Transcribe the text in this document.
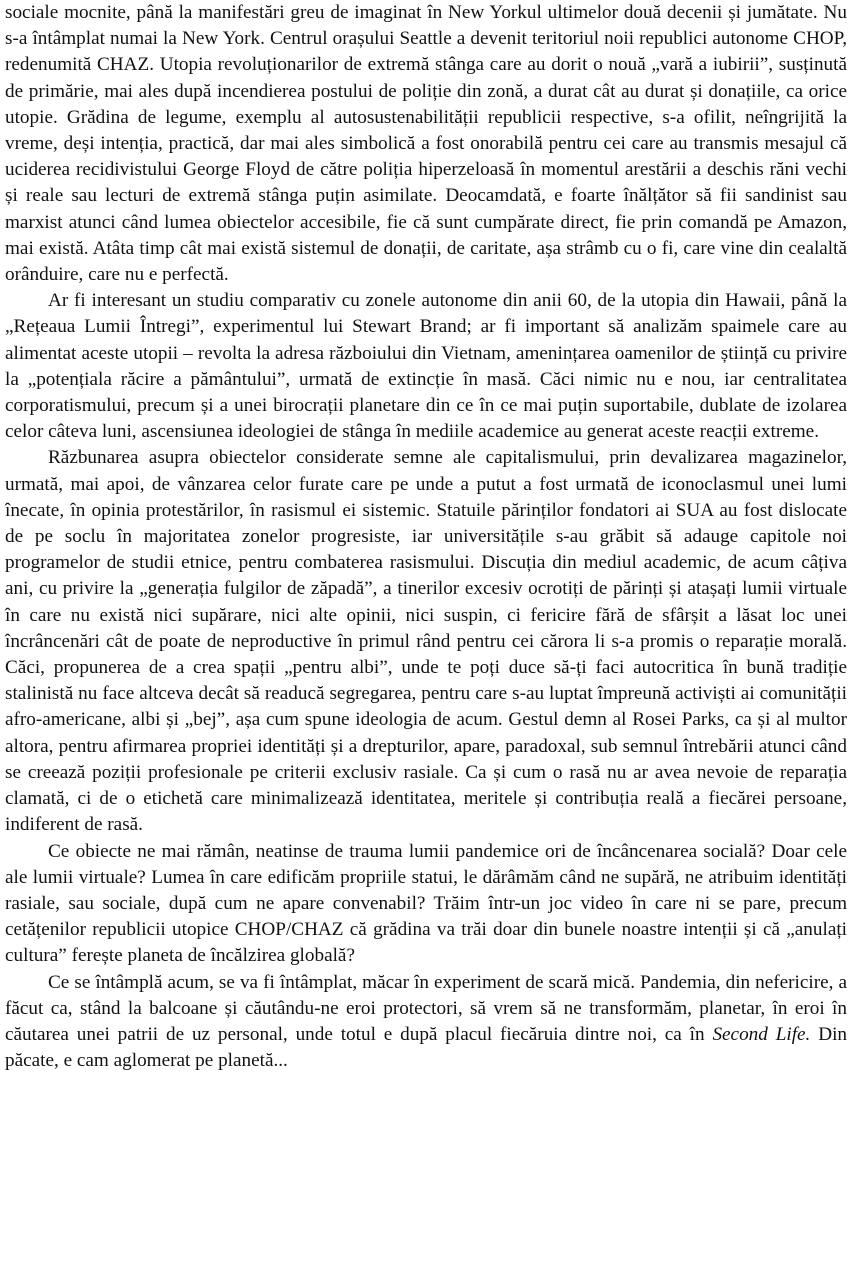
sociale mocnite, până la manifestări greu de imaginat în New Yorkul ultimelor două decenii și jumătate. Nu s-a întâmplat numai la New York. Centrul orașului Seattle a devenit teritoriul noii republici autonome CHOP, redenumită CHAZ. Utopia revoluționarilor de extremă stânga care au dorit o nouă „vară a iubirii”, susținută de primărie, mai ales după incendierea postului de poliție din zonă, a durat cât au durat și donațiile, ca orice utopie. Grădina de legume, exemplu al autosustenabilității republicii respective, s-a ofilit, neîngrijită la vreme, deși intenția, practică, dar mai ales simbolică a fost onorabilă pentru cei care au transmis mesajul că uciderea recidivistului George Floyd de către poliția hiperzeloasă în momentul arestării a deschis răni vechi și reale sau lecturi de extremă stânga puțin asimilate. Deocamdată, e foarte înălțător să fii sandinist sau marxist atunci când lumea obiectelor accesibile, fie că sunt cumpărate direct, fie prin comandă pe Amazon, mai există. Atâta timp cât mai există sistemul de donații, de caritate, așa strâmb cu o fi, care vine din cealaltă orânduire, care nu e perfectă.

Ar fi interesant un studiu comparativ cu zonele autonome din anii 60, de la utopia din Hawaii, până la „Rețeaua Lumii Întregi”, experimentul lui Stewart Brand; ar fi important să analizăm spaimele care au alimentat aceste utopii – revolta la adresa războiului din Vietnam, amenințarea oamenilor de știință cu privire la „potențiala răcire a pământului”, urmată de extincție în masă. Căci nimic nu e nou, iar centralitatea corporatismului, precum și a unei birocrații planetare din ce în ce mai puțin suportabile, dublate de izolarea celor câteva luni, ascensiunea ideologiei de stânga în mediile academice au generat aceste reacții extreme.

Răzbunarea asupra obiectelor considerate semne ale capitalismului, prin devalizarea magazinelor, urmată, mai apoi, de vânzarea celor furate care pe unde a putut a fost urmată de iconoclasmul unei lumi înecate, în opinia protestărilor, în rasismul ei sistemic. Statuile părinților fondatori ai SUA au fost dislocate de pe soclu în majoritatea zonelor progresiste, iar universitățile s-au grăbit să adauge capitole noi programelor de studii etnice, pentru combaterea rasismului. Discuția din mediul academic, de acum câțiva ani, cu privire la „generația fulgilor de zăpadă”, a tinerilor excesiv ocrotiți de părinți și atașați lumii virtuale în care nu există nici supărare, nici alte opinii, nici suspin, ci fericire fără de sfârșit a lăsat loc unei încrâncenări cât de poate de neproductive în primul rând pentru cei cărora li s-a promis o reparație morală. Căci, propunerea de a crea spații „pentru albi”, unde te poți duce să-ți faci autocritica în bună tradiție stalinistă nu face altceva decât să readucă segregarea, pentru care s-au luptat împreună activiști ai comunității afro-americane, albi și „bej”, așa cum spune ideologia de acum. Gestul demn al Rosei Parks, ca și al multor altora, pentru afirmarea propriei identități și a drepturilor, apare, paradoxal, sub semnul întrebării atunci când se creează poziții profesionale pe criterii exclusiv rasiale. Ca și cum o rasă nu ar avea nevoie de reparația clamată, ci de o etichetă care minimalizează identitatea, meritele și contribuția reală a fiecărei persoane, indiferent de rasă.

Ce obiecte ne mai rămân, neatinse de trauma lumii pandemice ori de încâncenarea socială? Doar cele ale lumii virtuale? Lumea în care edificăm propriile statui, le dărâmăm când ne supără, ne atribuim identități rasiale, sau sociale, după cum ne apare convenabil? Trăim într-un joc video în care ni se pare, precum cetățenilor republicii utopice CHOP/CHAZ că grădina va trăi doar din bunele noastre intenții și că „anulați cultura” ferește planeta de încălzirea globală?

Ce se întâmplă acum, se va fi întâmplat, măcar în experiment de scară mică. Pandemia, din nefericire, a făcut ca, stând la balcoane și căutându-ne eroi protectori, să vrem să ne transformăm, planetar, în eroi în căutarea unei patrii de uz personal, unde totul e după placul fiecăruia dintre noi, ca în Second Life. Din păcate, e cam aglomerat pe planetă...
